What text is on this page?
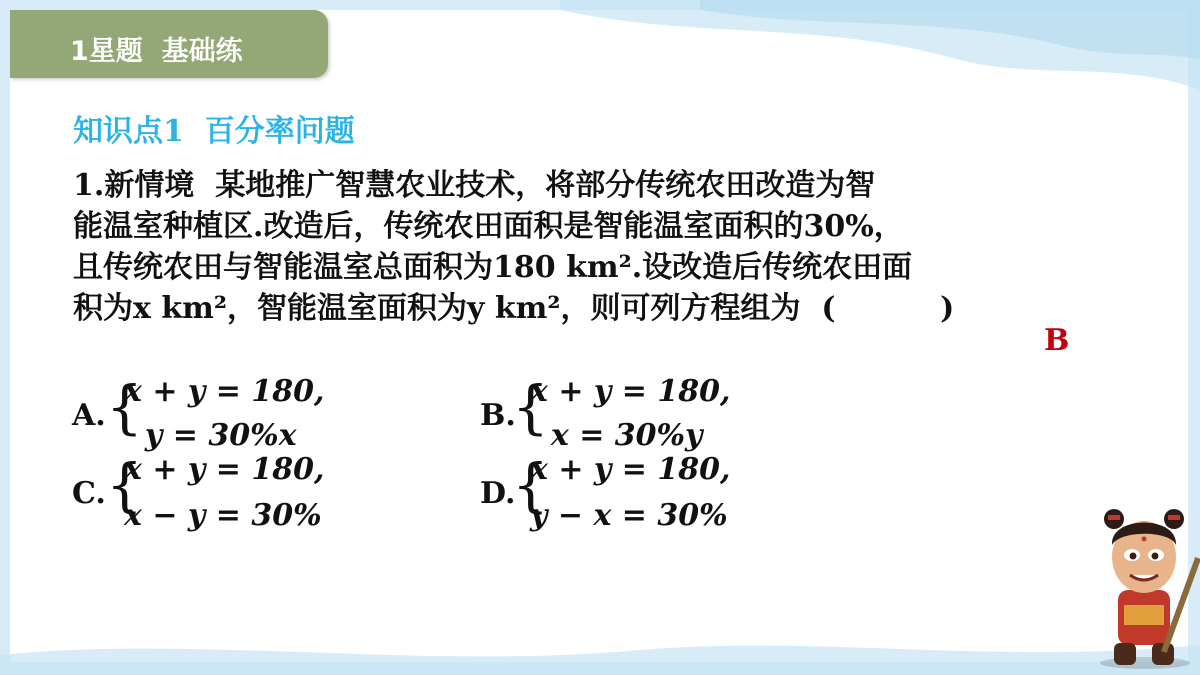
1星题  基础练
知识点1  百分率问题
1.新情境  某地推广智慧农业技术，将部分传统农田改造为智
能温室种植区.改造后，传统农田面积是智能温室面积的30%，
且传统农田与智能温室总面积为180 km².设改造后传统农田面
积为x km²，智能温室面积为y km²，则可列方程组为  (          )
B
A. {
x + y = 180,
y = 30%x
B.
{
x + y = 180,
x = 30%y
C. {
x + y = 180,
x − y = 30%
D.
{
x + y = 180,
y − x = 30%
